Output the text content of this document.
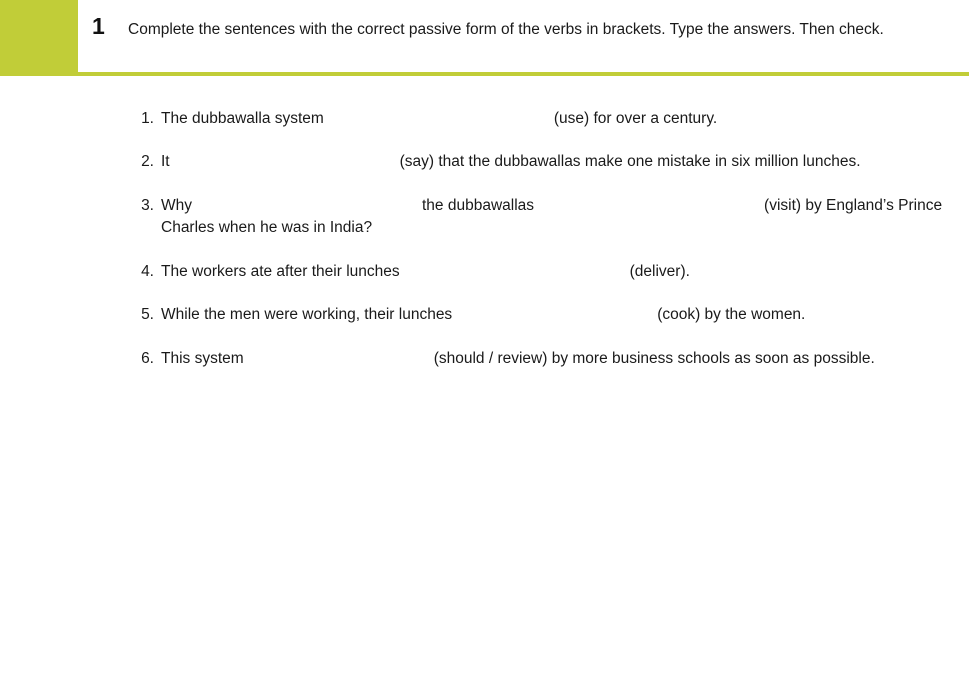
1 Complete the sentences with the correct passive form of the verbs in brackets. Type the answers. Then check.
1. The dubbawalla system	(use) for over a century.
2. It	(say) that the dubbawallas make one mistake in six million lunches.
3. Why	the dubbawallas	(visit) by England’s Prince Charles when he was in India?
4. The workers ate after their lunches	(deliver).
5. While the men were working, their lunches	(cook) by the women.
6. This system	(should / review) by more business schools as soon as possible.
